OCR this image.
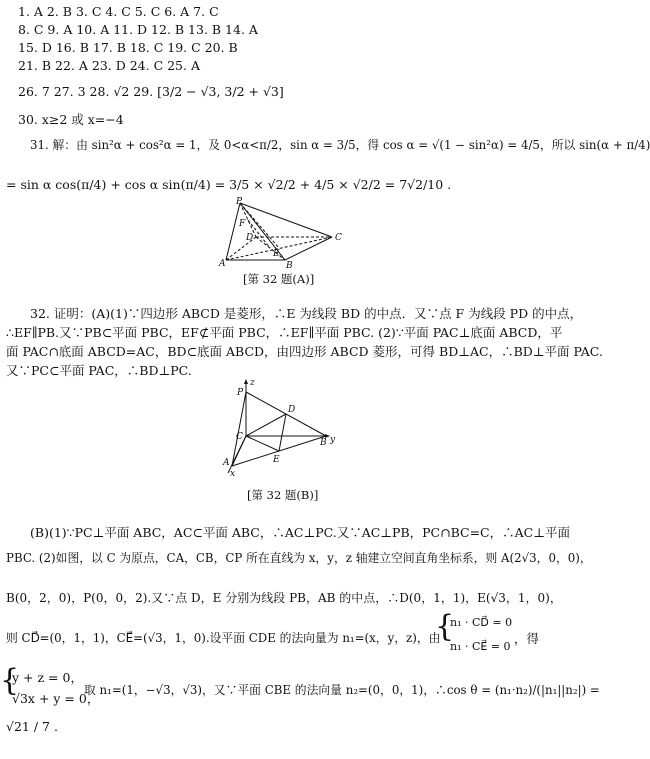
1. A 2. B 3. C 4. C 5. C 6. A 7. C
8. C 9. A 10. A 11. D 12. B 13. B 14. A
15. D 16. B 17. B 18. C 19. C 20. B
21. B 22. A 23. D 24. C 25. A
26. 7 27. 3 28. √2 29. [3/2 − √3, 3/2 + √3]
30. x≥2 或 x=−4
31. 解：由 sin²α + cos²α = 1，及 0<α<π/2，sin α = 3/5，得 cos α = √(1 − sin²α) = 4/5，所以 sin(α + π/4)
= sin α cos(π/4) + cos α sin(π/4) = 3/5 × √2/2 + 4/5 × √2/2 = 7√2/10 .
P
F
D	C
E
A	B
[第 32 题(A)]
32. 证明：(A)(1)∵四边形 ABCD 是菱形，∴E 为线段 BD 的中点．又∵点 F 为线段 PD 的中点，
∴EF∥PB.又∵PB⊂平面 PBC，EF⊄平面 PBC，∴EF∥平面 PBC. (2)∵平面 PAC⊥底面 ABCD，平
面 PAC∩底面 ABCD=AC，BD⊂底面 ABCD，由四边形 ABCD 菱形，可得 BD⊥AC，∴BD⊥平面 PAC.
又∵PC⊂平面 PAC，∴BD⊥PC.
z
P
D
C
B y
E
A
x
[第 32 题(B)]
(B)(1)∵PC⊥平面 ABC，AC⊂平面 ABC，∴AC⊥PC.又∵AC⊥PB，PC∩BC=C，∴AC⊥平面
PBC. (2)如图，以 C 为原点，CA，CB，CP 所在直线为 x，y，z 轴建立空间直角坐标系，则 A(2√3，0，0)，
B(0，2，0)，P(0，0，2).又∵点 D，E 分别为线段 PB，AB 的中点，∴D(0，1，1)，E(√3，1，0)，
则 CD⃗=(0，1，1)，CE⃗=(√3，1，0).设平面 CDE 的法向量为 n₁=(x，y，z)，由
{
n₁ · CD⃗ = 0
n₁ · CE⃗ = 0
，得
{
y + z = 0，
√3x + y = 0，
取 n₁=(1，−√3，√3)，又∵平面 CBE 的法向量 n₂=(0，0，1)，∴cos θ = (n₁·n₂)/(|n₁||n₂|) =
√21 / 7 .
